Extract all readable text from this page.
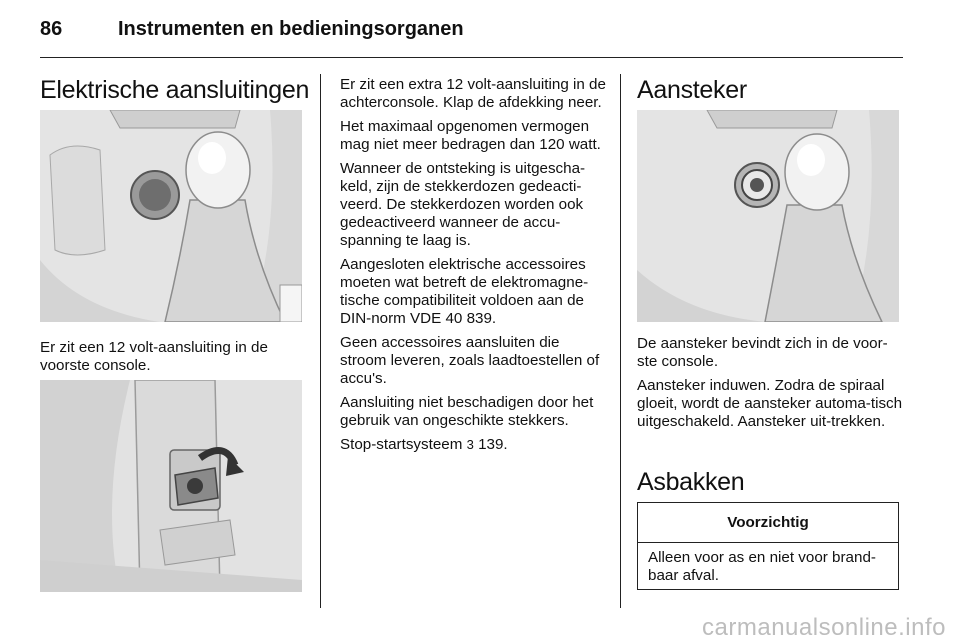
86	Instrumenten en bedieningsorganen
Elektrische aansluitingen

Er zit een 12 volt-aansluiting in de voorste console.

Er zit een extra 12 volt-aansluiting in de achterconsole. Klap de afdekking neer.

Het maximaal opgenomen vermogen mag niet meer bedragen dan 120 watt.

Wanneer de ontsteking is uitgescha-keld, zijn de stekkerdozen gedeacti-veerd. De stekkerdozen worden ook gedeactiveerd wanneer de accu-spanning te laag is.

Aangesloten elektrische accessoires moeten wat betreft de elektromagne-tische compatibiliteit voldoen aan de DIN-norm VDE 40 839.

Geen accessoires aansluiten die stroom leveren, zoals laadtoestellen of accu's.

Aansluiting niet beschadigen door het gebruik van ongeschikte stekkers.

Stop-startsysteem 3 139.

Aansteker

De aansteker bevindt zich in de voor-ste console.

Aansteker induwen. Zodra de spiraal gloeit, wordt de aansteker automa-tisch uitgeschakeld. Aansteker uit-trekken.

Asbakken
Voorzichtig
Alleen voor as en niet voor brand-baar afval.
carmanualsonline.info
